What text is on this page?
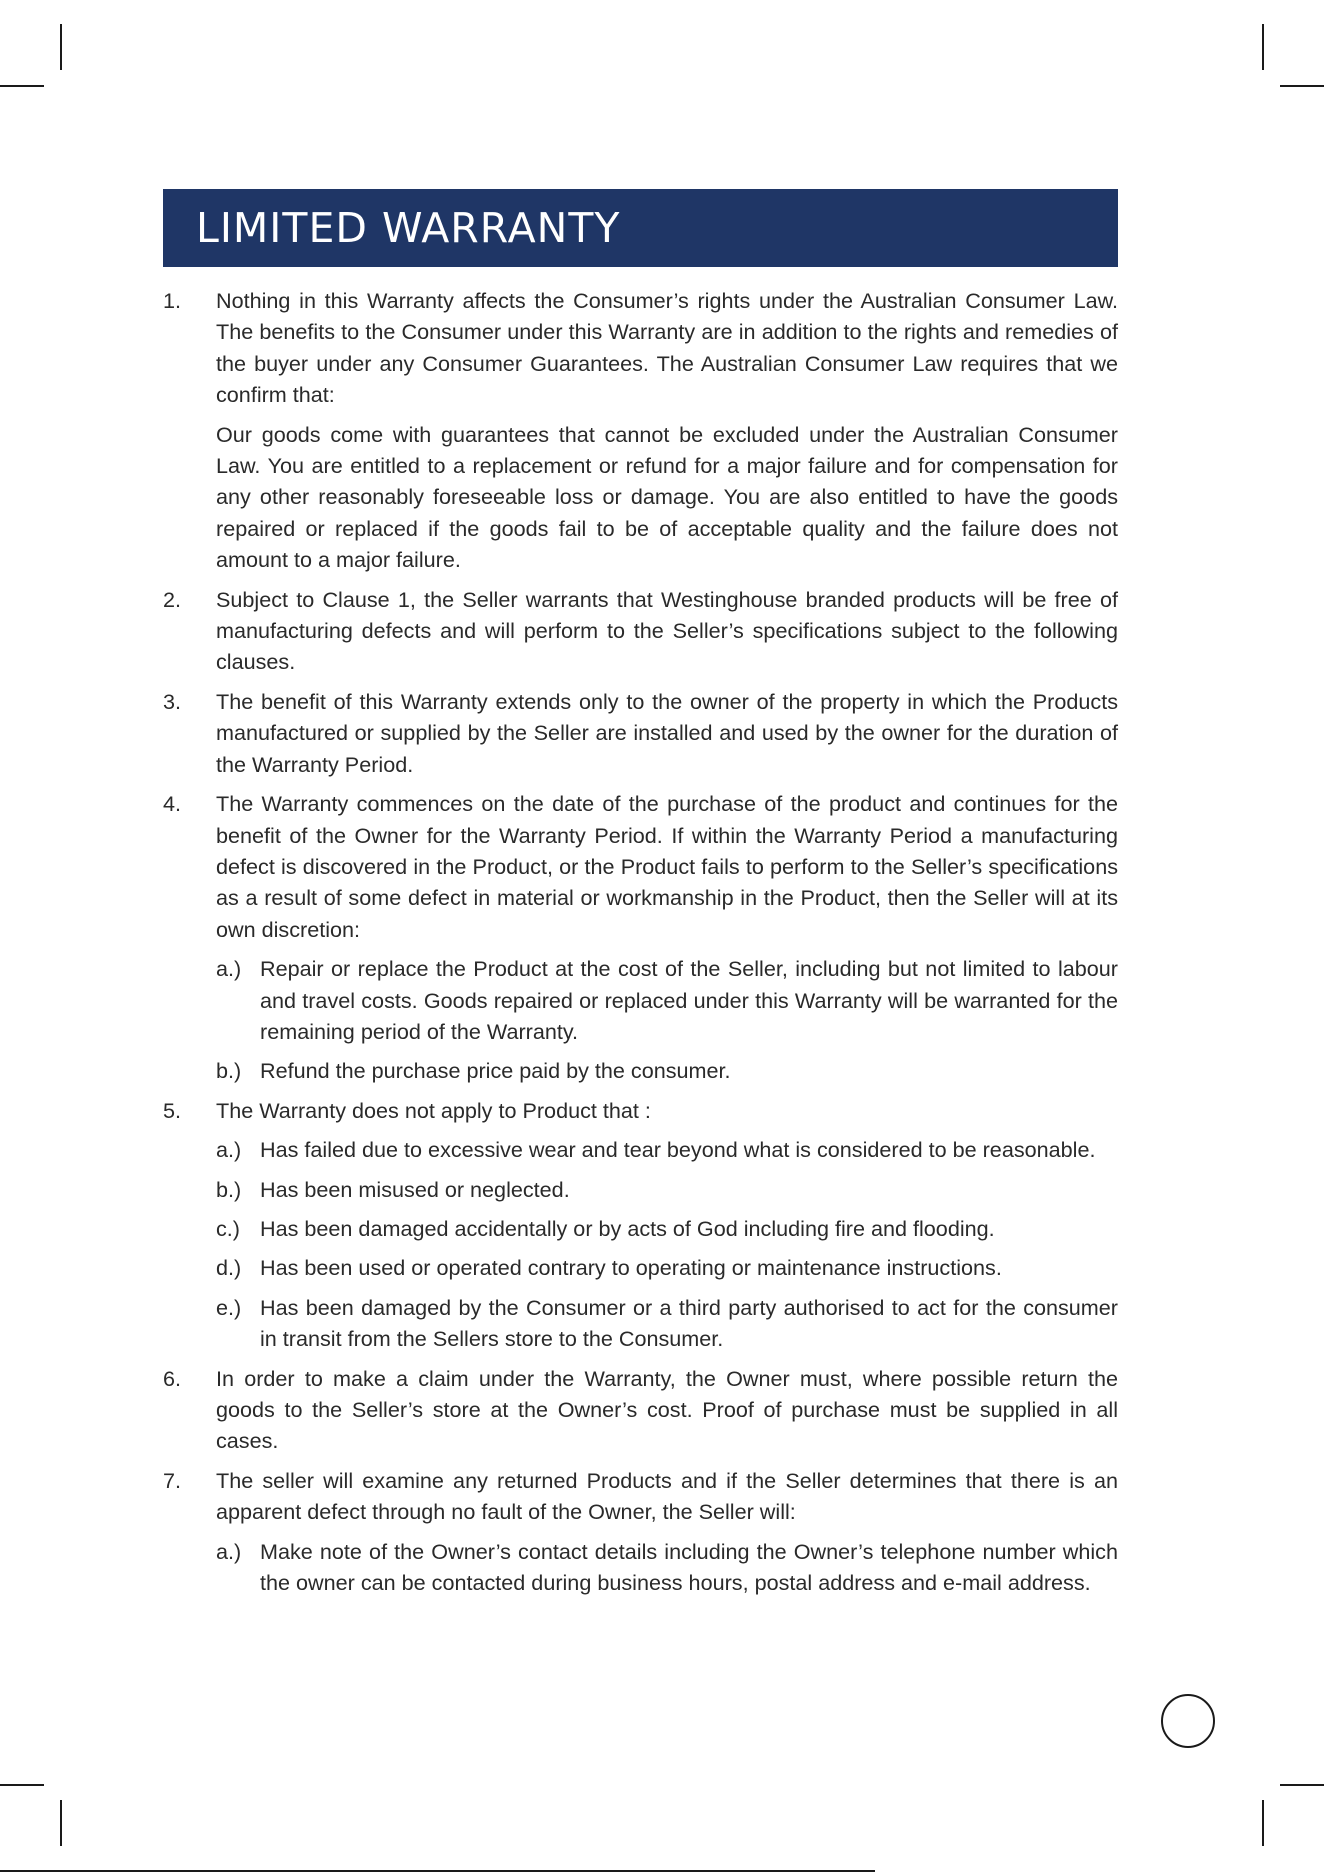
LIMITED WARRANTY
1. Nothing in this Warranty affects the Consumer’s rights under the Australian Consumer Law. The benefits to the Consumer under this Warranty are in addition to the rights and remedies of the buyer under any Consumer Guarantees. The Australian Consumer Law requires that we confirm that:

Our goods come with guarantees that cannot be excluded under the Australian Consumer Law. You are entitled to a replacement or refund for a major failure and for compensation for any other reasonably foreseeable loss or damage. You are also entitled to have the goods repaired or replaced if the goods fail to be of acceptable quality and the failure does not amount to a major failure.

2. Subject to Clause 1, the Seller warrants that Westinghouse branded products will be free of manufacturing defects and will perform to the Seller’s specifications subject to the following clauses.

3. The benefit of this Warranty extends only to the owner of the property in which the Products manufactured or supplied by the Seller are installed and used by the owner for the duration of the Warranty Period.

4. The Warranty commences on the date of the purchase of the product and continues for the benefit of the Owner for the Warranty Period. If within the Warranty Period a manufacturing defect is discovered in the Product, or the Product fails to perform to the Seller’s specifications as a result of some defect in material or workmanship in the Product, then the Seller will at its own discretion:

a.) Repair or replace the Product at the cost of the Seller, including but not limited to labour and travel costs. Goods repaired or replaced under this Warranty will be warranted for the remaining period of the Warranty.
b.) Refund the purchase price paid by the consumer.
5. The Warranty does not apply to Product that :

a.) Has failed due to excessive wear and tear beyond what is considered to be reasonable.
b.) Has been misused or neglected.
c.) Has been damaged accidentally or by acts of God including fire and flooding.
d.) Has been used or operated contrary to operating or maintenance instructions.
e.) Has been damaged by the Consumer or a third party authorised to act for the consumer in transit from the Sellers store to the Consumer.
6. In order to make a claim under the Warranty, the Owner must, where possible return the goods to the Seller’s store at the Owner’s cost. Proof of purchase must be supplied in all cases.

7. The seller will examine any returned Products and if the Seller determines that there is an apparent defect through no fault of the Owner, the Seller will:

a.) Make note of the Owner’s contact details including the Owner’s telephone number which the owner can be contacted during business hours, postal address and e-mail address.
